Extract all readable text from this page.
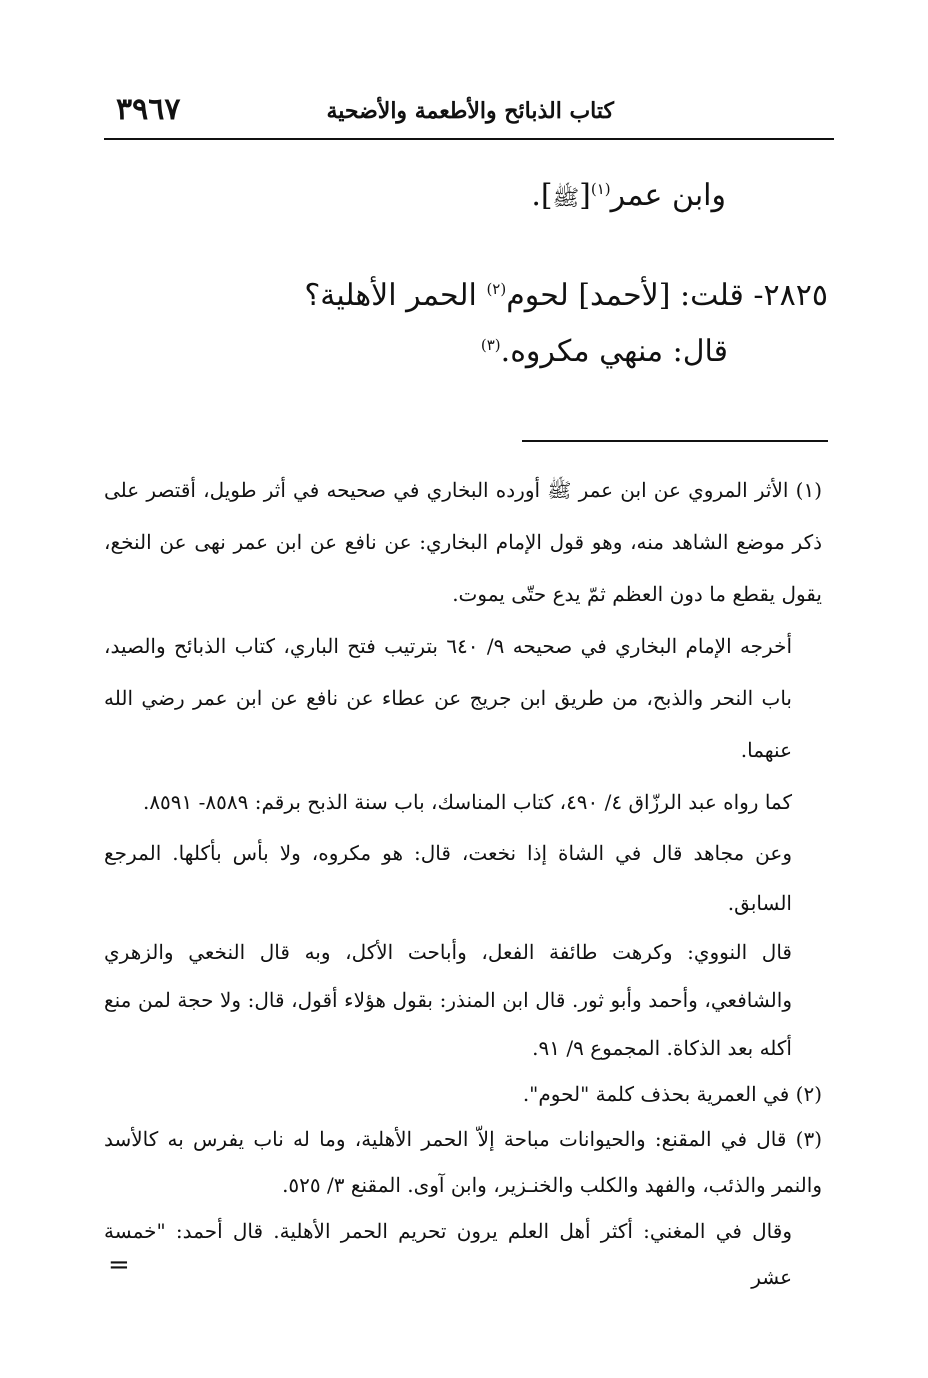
٣٩٦٧	كتاب الذبائح والأطعمة والأضحية
وابن عمر$^{(١)}$[ﷺ].
٢٨٢٥- قلت: [لأحمد] لحوم$^{(٢)}$ الحمر الأهلية؟
قال: منهي مكروه.$^{(٣)}$

(١) الأثر المروي عن ابن عمر ﷺ أورده البخاري في صحيحه في أثر طويل، أقتصر على ذكر موضع الشاهد منه، وهو قول الإمام البخاري: عن نافع عن ابن عمر نهى عن النخع، يقول يقطع ما دون العظم ثمّ يدع حتّى يموت.

أخرجه الإمام البخاري في صحيحه ٩/ ٦٤٠ بترتيب فتح الباري، كتاب الذبائح والصيد، باب النحر والذبح، من طريق ابن جريج عن عطاء عن نافع عن ابن عمر رضي الله عنهما.

كما رواه عبد الرزّاق ٤/ ٤٩٠، كتاب المناسك، باب سنة الذبح برقم: ٨٥٨٩- ٨٥٩١.

وعن مجاهد قال في الشاة إذا نخعت، قال: هو مكروه، ولا بأس بأكلها. المرجع السابق.

قال النووي: وكرهت طائفة الفعل، وأباحت الأكل، وبه قال النخعي والزهري والشافعي، وأحمد وأبو ثور. قال ابن المنذر: بقول هؤلاء أقول، قال: ولا حجة لمن منع أكله بعد الذكاة. المجموع ٩/ ٩١.

(٢) في العمرية بحذف كلمة "لحوم".

(٣) قال في المقنع: والحيوانات مباحة إلاّ الحمر الأهلية، وما له ناب يفرس به كالأسد والنمر والذئب، والفهد والكلب والخنـزير، وابن آوى. المقنع ٣/ ٥٢٥.

وقال في المغني: أكثر أهل العلم يرون تحريم الحمر الأهلية. قال أحمد: "خمسة عشر

=
